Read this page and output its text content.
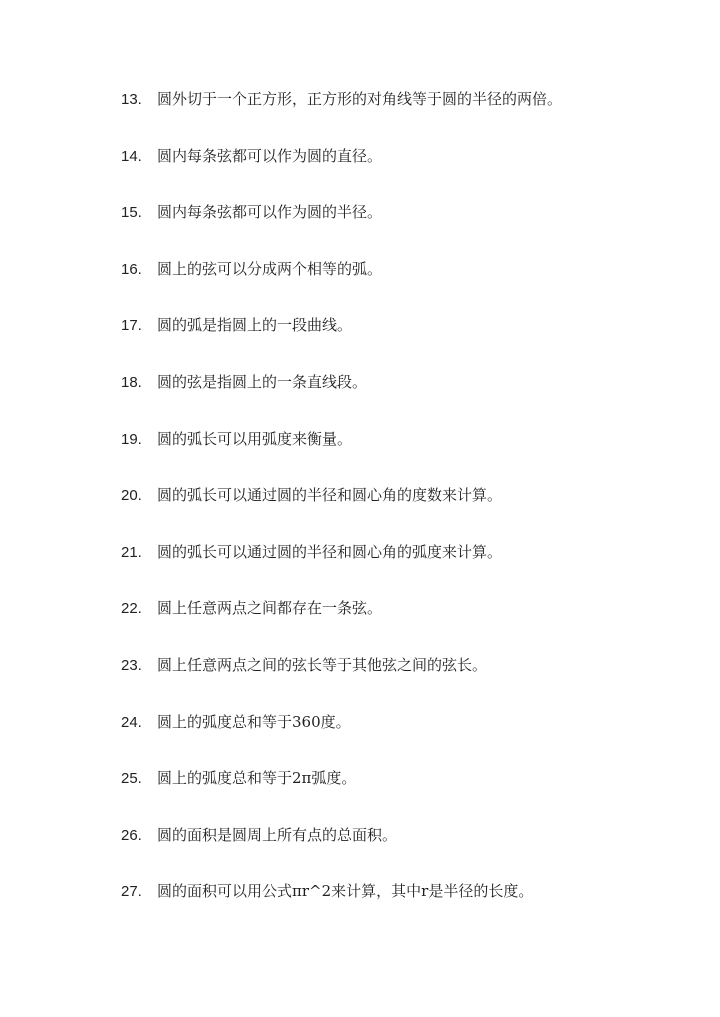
13. 圆外切于一个正方形，正方形的对角线等于圆的半径的两倍。
14. 圆内每条弦都可以作为圆的直径。
15. 圆内每条弦都可以作为圆的半径。
16. 圆上的弦可以分成两个相等的弧。
17. 圆的弧是指圆上的一段曲线。
18. 圆的弦是指圆上的一条直线段。
19. 圆的弧长可以用弧度来衡量。
20. 圆的弧长可以通过圆的半径和圆心角的度数来计算。
21. 圆的弧长可以通过圆的半径和圆心角的弧度来计算。
22. 圆上任意两点之间都存在一条弦。
23. 圆上任意两点之间的弦长等于其他弦之间的弦长。
24. 圆上的弧度总和等于360度。
25. 圆上的弧度总和等于2π弧度。
26. 圆的面积是圆周上所有点的总面积。
27. 圆的面积可以用公式πr^2来计算，其中r是半径的长度。
